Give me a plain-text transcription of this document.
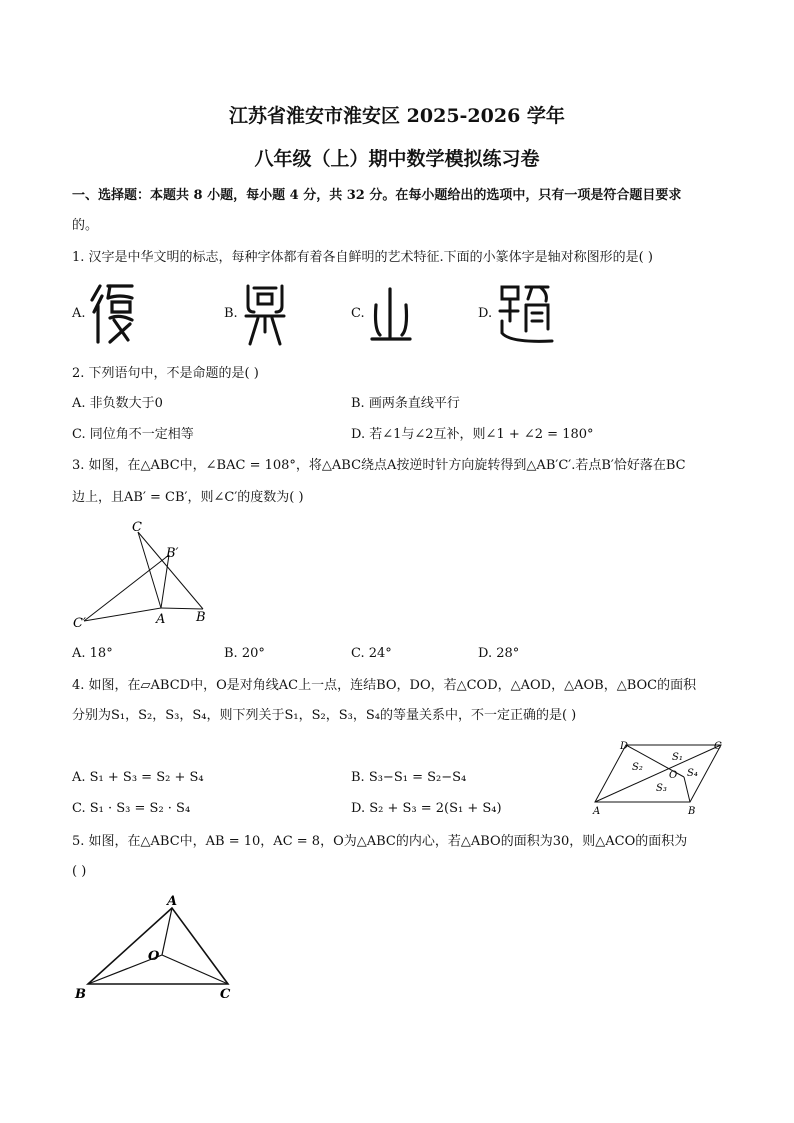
江苏省淮安市淮安区 2025-2026 学年
八年级（上）期中数学模拟练习卷
一、选择题：本题共 8 小题，每小题 4 分，共 32 分。在每小题给出的选项中，只有一项是符合题目要求
的。
1. 汉字是中华文明的标志，每种字体都有着各自鲜明的艺术特征.下面的小篆体字是轴对称图形的是( )
A.	B.	C.	D.
2. 下列语句中，不是命题的是( )
A. 非负数大于0	B. 画两条直线平行
C. 同位角不一定相等	D. 若∠1与∠2互补，则∠1 + ∠2 = 180°
3. 如图，在△ABC中，∠BAC = 108°，将△ABC绕点A按逆时针方向旋转得到△AB′C′.若点B′恰好落在BC
边上，且AB′ = CB′，则∠C′的度数为( )
C
B′
C′	A B
A. 18°	B. 20°	C. 24°	D. 28°
4. 如图，在▱ABCD中，O是对角线AC上一点，连结BO，DO，若△COD，△AOD，△AOB，△BOC的面积
分别为S₁，S₂，S₃，S₄，则下列关于S₁，S₂，S₃，S₄的等量关系中，不一定正确的是( )
D	C
S₁
S₂
O S₄
S₃
A	B
A. S₁ + S₃ = S₂ + S₄	B. S₃−S₁ = S₂−S₄
C. S₁ · S₃ = S₂ · S₄	D. S₂ + S₃ = 2(S₁ + S₄)
5. 如图，在△ABC中，AB = 10，AC = 8，O为△ABC的内心，若△ABO的面积为30，则△ACO的面积为
( )
A
O
B	C
